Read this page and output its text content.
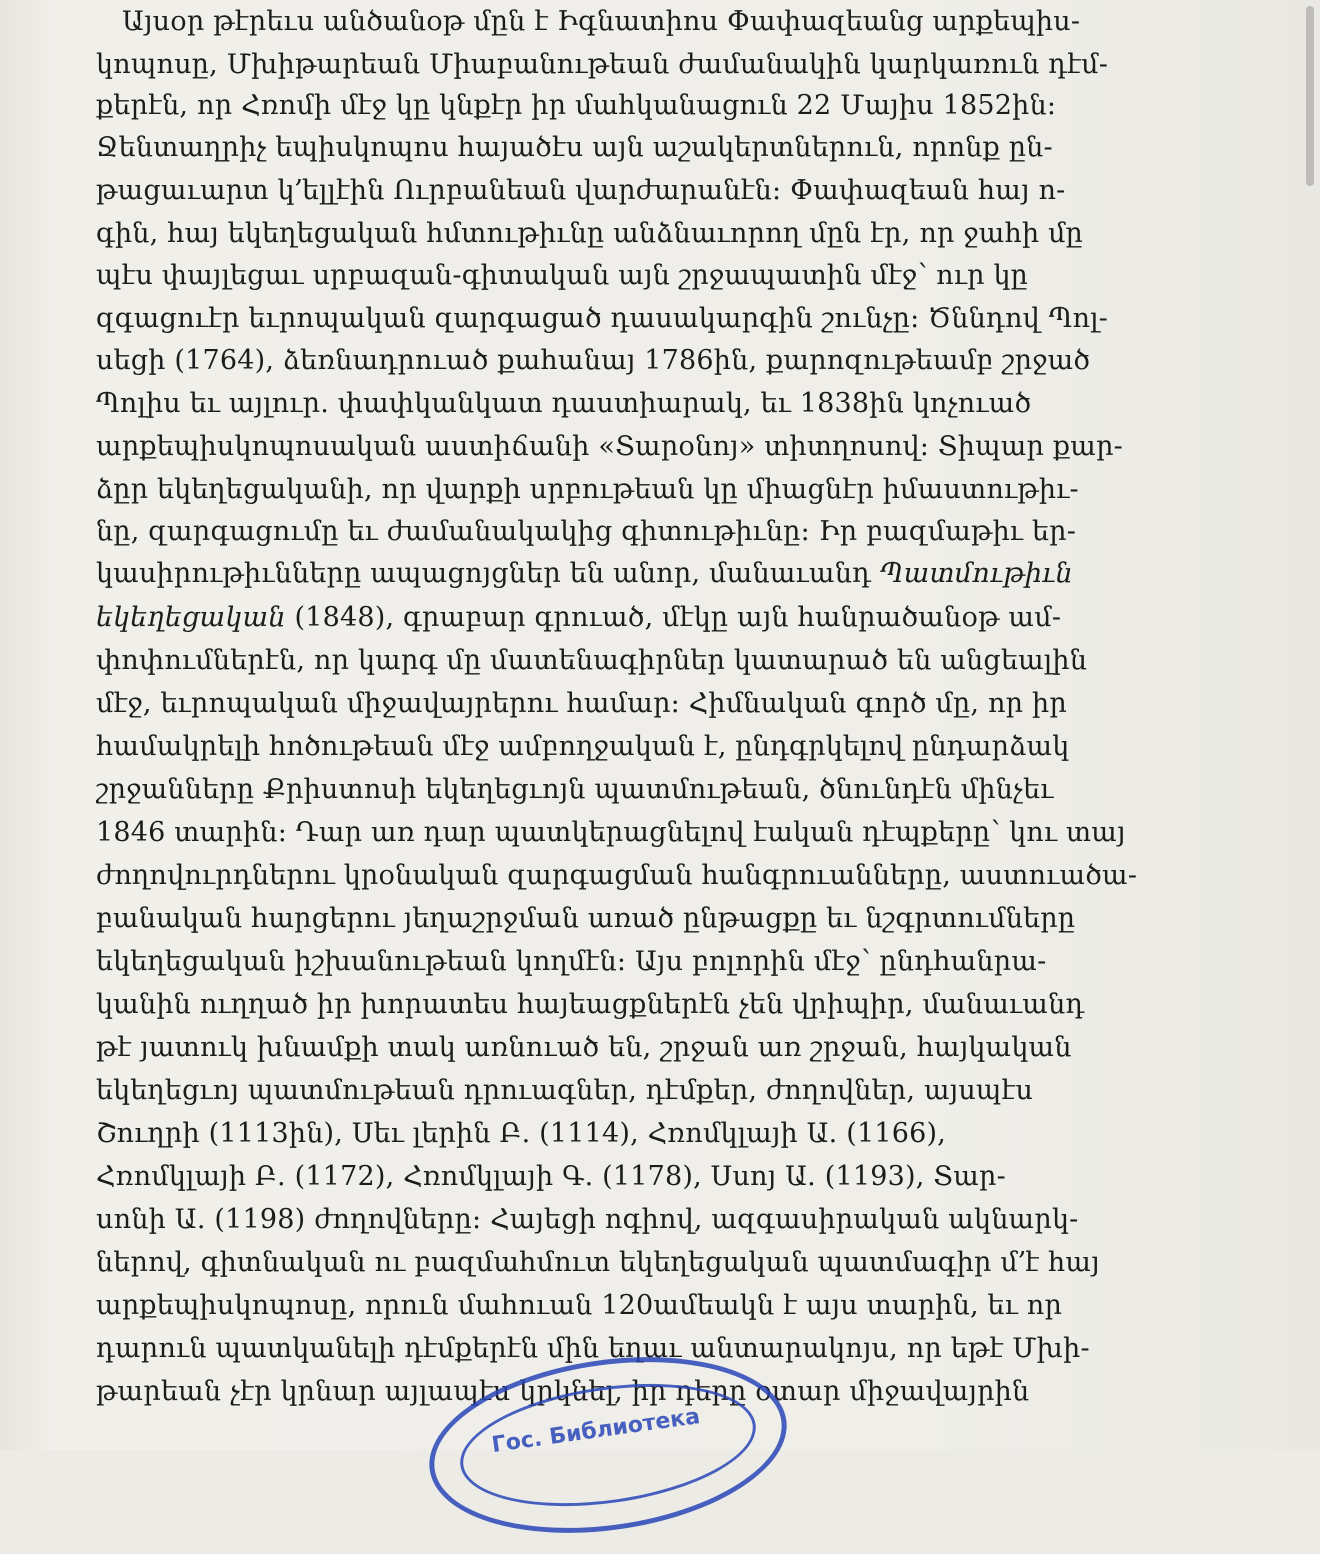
Այսօր թէրեւս անծանօթ մըն է Իգնատիոս Փափազեանց արքեպիս-
կոպոսը, Մխիթարեան Միաբանութեան ժամանակին կարկառուն դէմ-
քերէն, որ Հռոմի մէջ կը կնքէր իր մահկանացուն 22 Մայիս 1852ին:
Ջենտաղրիչ եպիսկոպոս հայածէս այն աշակերտներուն, որոնք ըն-
թացաւարտ կ՚ելլէին Ուրբանեան վարժարանէն: Փափազեան հայ ո-
գին, հայ եկեղեցական հմտութիւնը անձնաւորող մըն էր, որ ջահի մը
պէս փայլեցաւ սրբազան-գիտական այն շրջապատին մէջ՝ ուր կը
զգացուէր եւրոպական զարգացած դասակարգին շունչը: Ծննդով Պոլ-
սեցի (1764), ձեռնադրուած քահանայ 1786ին, քարոզութեամբ շրջած
Պոլիս եւ այլուր. փափկանկատ դաստիարակ, եւ 1838ին կոչուած
արքեպիսկոպոսական աստիճանի «Տարօնոյ» տիտղոսով: Տիպար քար-
ձըր եկեղեցականի, որ վարքի սրբութեան կը միացնէր իմաստութիւ-
նը, զարգացումը եւ ժամանակակից գիտութիւնը: Իր բազմաթիւ եր-
կասիրութիւնները ապացոյցներ են անոր, մանաւանդ Պատմութիւն
եկեղեցական (1848), գրաբար գրուած, մէկը այն հանրածանօթ ամ-
փոփումներէն, որ կարգ մը մատենագիրներ կատարած են անցեալին
մէջ, եւրոպական միջավայրերու համար: Հիմնական գործ մը, որ իր
համակրելի հոծութեան մէջ ամբողջական է, ընդգրկելով ընդարձակ
շրջանները Քրիստոսի եկեղեցւոյն պատմութեան, ծնունդէն մինչեւ
1846 տարին: Դար առ դար պատկերացնելով էական դէպքերը՝ կու տայ
ժողովուրդներու կրօնական զարգացման հանգրուանները, աստուածա-
բանական հարցերու յեղաշրջման առած ընթացքը եւ նշգրտումները
եկեղեցական իշխանութեան կողմէն: Այս բոլորին մէջ՝ ընդհանրա-
կանին ուղղած իր խորատես հայեացքներէն չեն վրիպիր, մանաւանդ
թէ յատուկ խնամքի տակ առնուած են, շրջան առ շրջան, հայկական
եկեղեցւոյ պատմութեան դրուագներ, դէմքեր, ժողովներ, այսպէս
Շուղրի (1113ին), Սեւ լերին Բ. (1114), Հռոմկլայի Ա. (1166),
Հռոմկլայի Բ. (1172), Հռոմկլայի Գ. (1178), Սսոյ Ա. (1193), Տար-
սոնի Ա. (1198) ժողովները: Հայեցի ոգիով, ազգասիրական ակնարկ-
ներով, գիտնական ու բազմահմուտ եկեղեցական պատմագիր մ՚է հայ
արքեպիսկոպոսը, որուն մահուան 120ամեակն է այս տարին, եւ որ
դարուն պատկանելի դէմքերէն մին եղաւ անտարակոյս, որ եթէ Մխի-
թարեան չէր կրնար այլապէս կրկնել, իր դերը օտար միջավայրին
Гос. Библиотека
